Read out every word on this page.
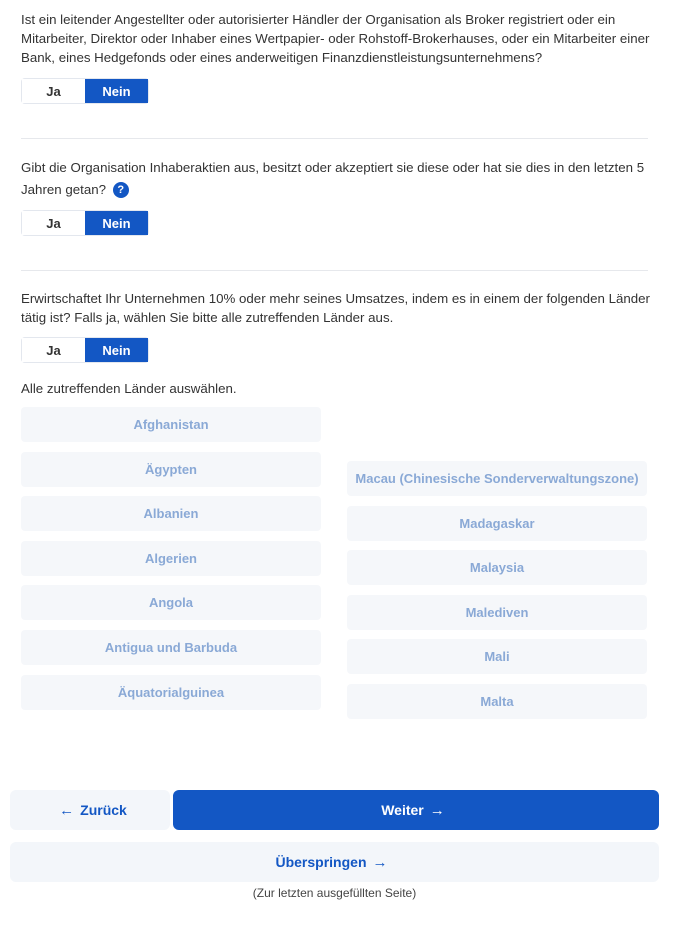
Ist ein leitender Angestellter oder autorisierter Händler der Organisation als Broker registriert oder ein Mitarbeiter, Direktor oder Inhaber eines Wertpapier- oder Rohstoff-Brokerhauses, oder ein Mitarbeiter einer Bank, eines Hedgefonds oder eines anderweitigen Finanzdienstleistungsunternehmens?
Ja	Nein
Gibt die Organisation Inhaberaktien aus, besitzt oder akzeptiert sie diese oder hat sie dies in den letzten 5 Jahren getan? ?
Ja	Nein
Erwirtschaftet Ihr Unternehmen 10% oder mehr seines Umsatzes, indem es in einem der folgenden Länder tätig ist? Falls ja, wählen Sie bitte alle zutreffenden Länder aus.
Ja	Nein
Alle zutreffenden Länder auswählen.
Afghanistan
Ägypten
Albanien
Algerien
Angola
Antigua und Barbuda
Äquatorialguinea
Macau (Chinesische Sonderverwaltungszone)
Madagaskar
Malaysia
Malediven
Mali
Malta
← Zurück	Weiter →
Überspringen →
(Zur letzten ausgefüllten Seite)
